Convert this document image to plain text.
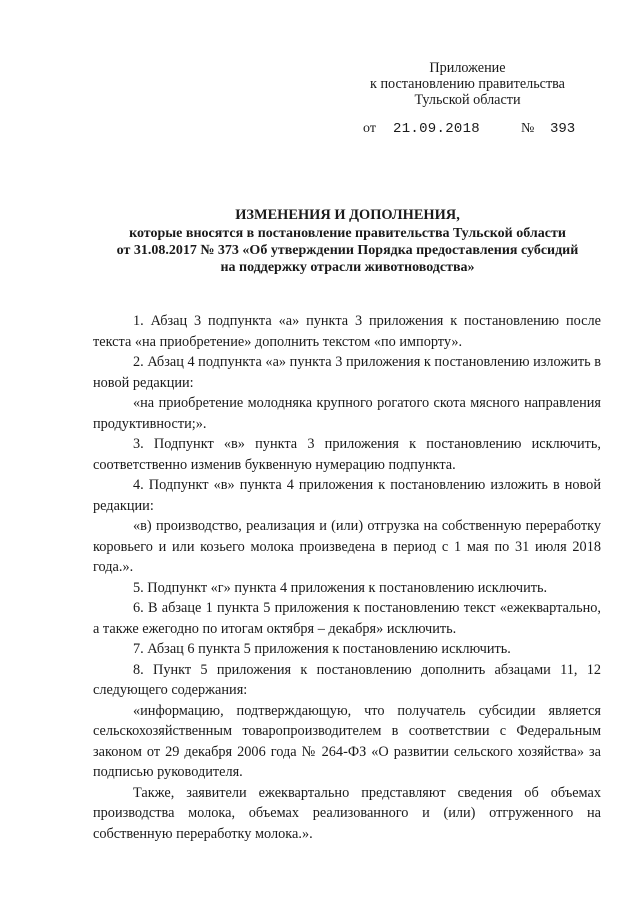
Приложение
к постановлению правительства
Тульской области
от 21.09.2018	№ 393
ИЗМЕНЕНИЯ И ДОПОЛНЕНИЯ,
которые вносятся в постановление правительства Тульской области
от 31.08.2017 № 373 «Об утверждении Порядка предоставления субсидий
на поддержку отрасли животноводства»

1. Абзац 3 подпункта «а» пункта 3 приложения к постановлению после текста «на приобретение» дополнить текстом «по импорту».

2. Абзац 4 подпункта «а» пункта 3 приложения к постановлению изложить в новой редакции:

«на приобретение молодняка крупного рогатого скота мясного направления продуктивности;».

3. Подпункт «в» пункта 3 приложения к постановлению исключить, соответственно изменив буквенную нумерацию подпункта.

4. Подпункт «в» пункта 4 приложения к постановлению изложить в новой редакции:

«в) производство, реализация и (или) отгрузка на собственную переработку коровьего и или козьего молока произведена в период с 1 мая по 31 июля 2018 года.».

5. Подпункт «г» пункта 4 приложения к постановлению исключить.

6. В абзаце 1 пункта 5 приложения к постановлению текст «ежеквартально, а также ежегодно по итогам октября – декабря» исключить.

7. Абзац 6 пункта 5 приложения к постановлению исключить.

8. Пункт 5 приложения к постановлению дополнить абзацами 11, 12 следующего содержания:

«информацию, подтверждающую, что получатель субсидии является сельскохозяйственным товаропроизводителем в соответствии с Федеральным законом от 29 декабря 2006 года № 264-ФЗ «О развитии сельского хозяйства» за подписью руководителя.

Также, заявители ежеквартально представляют сведения об объемах производства молока, объемах реализованного и (или) отгруженного на собственную переработку молока.».
